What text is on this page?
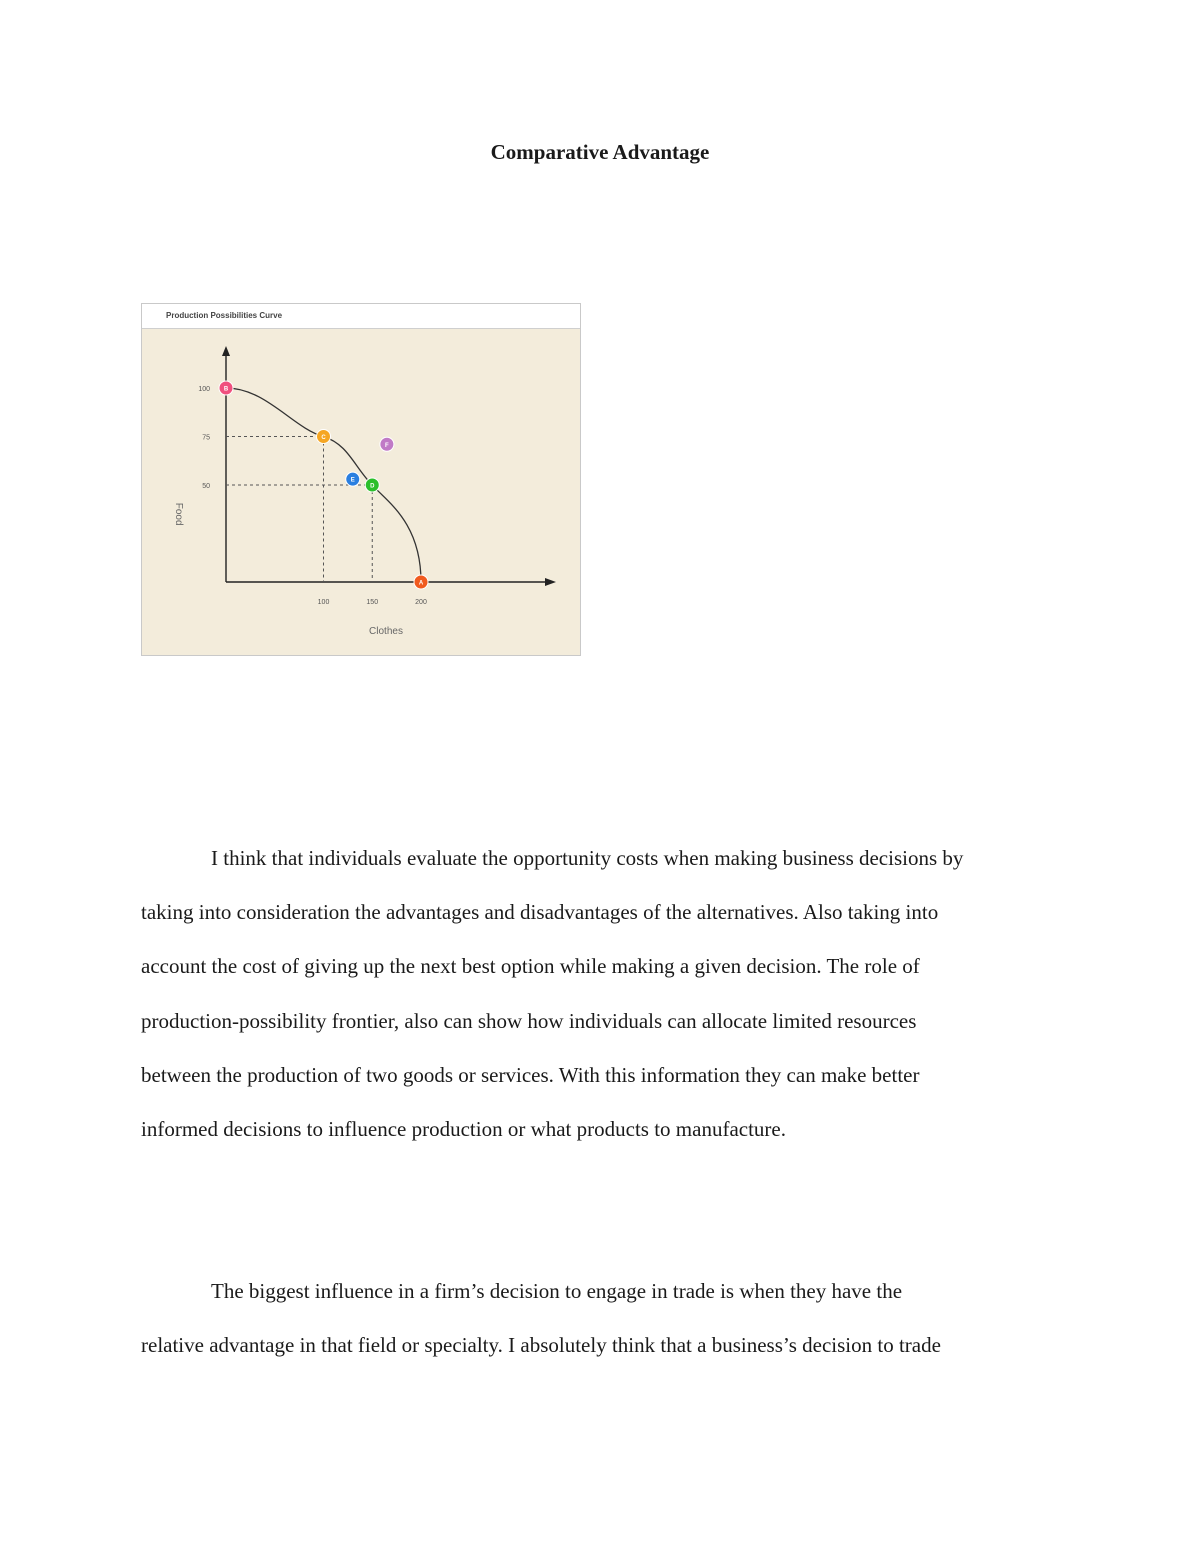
Comparative Advantage
Production Possibilities Curve
100
75
50
100	150	200
Clothes
Food
B
C
F
E
D
A
I think that individuals evaluate the opportunity costs when making business decisions by
taking into consideration the advantages and disadvantages of the alternatives. Also taking into
account the cost of giving up the next best option while making a given decision. The role of
production-possibility frontier, also can show how individuals can allocate limited resources
between the production of two goods or services. With this information they can make better
informed decisions to influence production or what products to manufacture.
The biggest influence in a firm’s decision to engage in trade is when they have the
relative advantage in that field or specialty. I absolutely think that a business’s decision to trade
